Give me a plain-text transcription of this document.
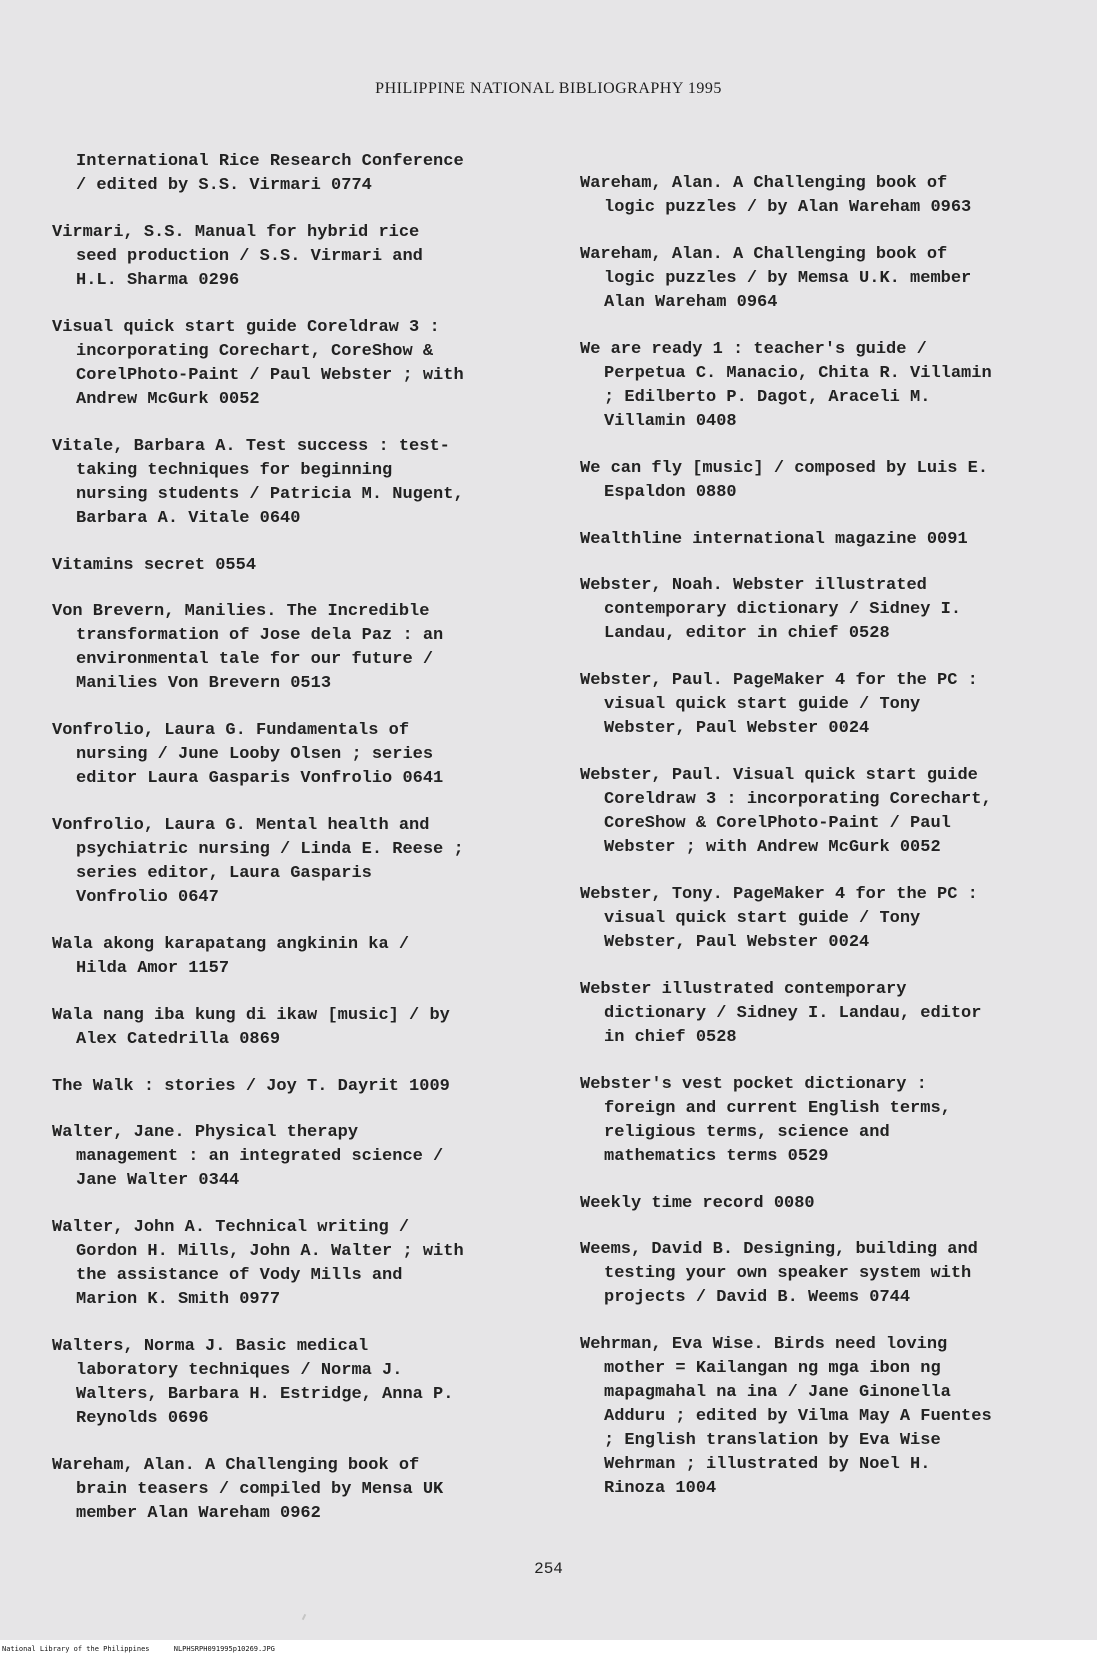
PHILIPPINE NATIONAL BIBLIOGRAPHY 1995
International Rice Research Conference
/ edited by S.S. Virmari 0774
Virmari, S.S. Manual for hybrid rice
seed production / S.S. Virmari and
H.L. Sharma 0296
Visual quick start guide Coreldraw 3 :
incorporating Corechart, CoreShow &
CorelPhoto-Paint / Paul Webster ; with
Andrew McGurk 0052
Vitale, Barbara A. Test success : test-
taking techniques for beginning
nursing students / Patricia M. Nugent,
Barbara A. Vitale 0640
Vitamins secret 0554
Von Brevern, Manilies. The Incredible
transformation of Jose dela Paz : an
environmental tale for our future /
Manilies Von Brevern 0513
Vonfrolio, Laura G. Fundamentals of
nursing / June Looby Olsen ; series
editor Laura Gasparis Vonfrolio 0641
Vonfrolio, Laura G. Mental health and
psychiatric nursing / Linda E. Reese ;
series editor, Laura Gasparis
Vonfrolio 0647
Wala akong karapatang angkinin ka /
Hilda Amor 1157
Wala nang iba kung di ikaw [music] / by
Alex Catedrilla 0869
The Walk : stories / Joy T. Dayrit 1009
Walter, Jane. Physical therapy
management : an integrated science /
Jane Walter 0344
Walter, John A. Technical writing /
Gordon H. Mills, John A. Walter ; with
the assistance of Vody Mills and
Marion K. Smith 0977
Walters, Norma J. Basic medical
laboratory techniques / Norma J.
Walters, Barbara H. Estridge, Anna P.
Reynolds 0696
Wareham, Alan. A Challenging book of
brain teasers / compiled by Mensa UK
member Alan Wareham 0962
Wareham, Alan. A Challenging book of
logic puzzles / by Alan Wareham 0963
Wareham, Alan. A Challenging book of
logic puzzles / by Memsa U.K. member
Alan Wareham 0964
We are ready 1 : teacher's guide /
Perpetua C. Manacio, Chita R. Villamin
; Edilberto P. Dagot, Araceli M.
Villamin 0408
We can fly [music] / composed by Luis E.
Espaldon 0880
Wealthline international magazine 0091
Webster, Noah. Webster illustrated
contemporary dictionary / Sidney I.
Landau, editor in chief 0528
Webster, Paul. PageMaker 4 for the PC :
visual quick start guide / Tony
Webster, Paul Webster 0024
Webster, Paul. Visual quick start guide
Coreldraw 3 : incorporating Corechart,
CoreShow & CorelPhoto-Paint / Paul
Webster ; with Andrew McGurk 0052
Webster, Tony. PageMaker 4 for the PC :
visual quick start guide / Tony
Webster, Paul Webster 0024
Webster illustrated contemporary
dictionary / Sidney I. Landau, editor
in chief 0528
Webster's vest pocket dictionary :
foreign and current English terms,
religious terms, science and
mathematics terms 0529
Weekly time record 0080
Weems, David B. Designing, building and
testing your own speaker system with
projects / David B. Weems 0744
Wehrman, Eva Wise. Birds need loving
mother = Kailangan ng mga ibon ng
mapagmahal na ina / Jane Ginonella
Adduru ; edited by Vilma May A Fuentes
; English translation by Eva Wise
Wehrman ; illustrated by Noel H.
Rinoza 1004
254
National Library of the Philippines	NLPHSRPH091995p10269.JPG
